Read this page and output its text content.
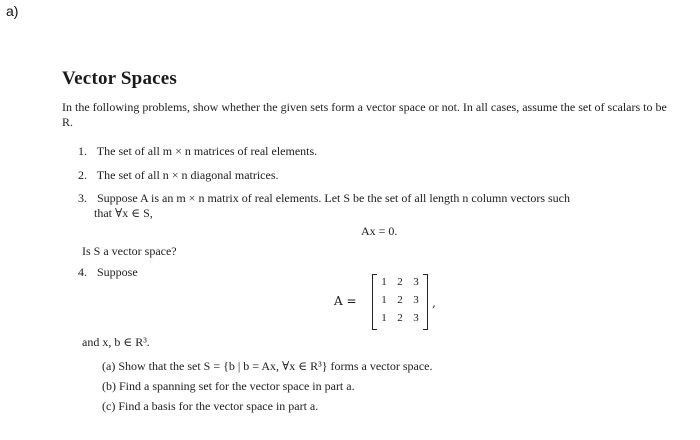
a)
Vector Spaces
In the following problems, show whether the given sets form a vector space or not. In all cases, assume the set of scalars to be R.
1. The set of all m × n matrices of real elements.
2. The set of all n × n diagonal matrices.
3. Suppose A is an m × n matrix of real elements. Let S be the set of all length n column vectors such
that ∀x ∈ S,
Ax = 0.
Is S a vector space?
4. Suppose
A =
1 2 3
1 2 3
1 2 3
,
and x, b ∈ R³.
(a) Show that the set S = {b | b = Ax, ∀x ∈ R³} forms a vector space.
(b) Find a spanning set for the vector space in part a.
(c) Find a basis for the vector space in part a.
